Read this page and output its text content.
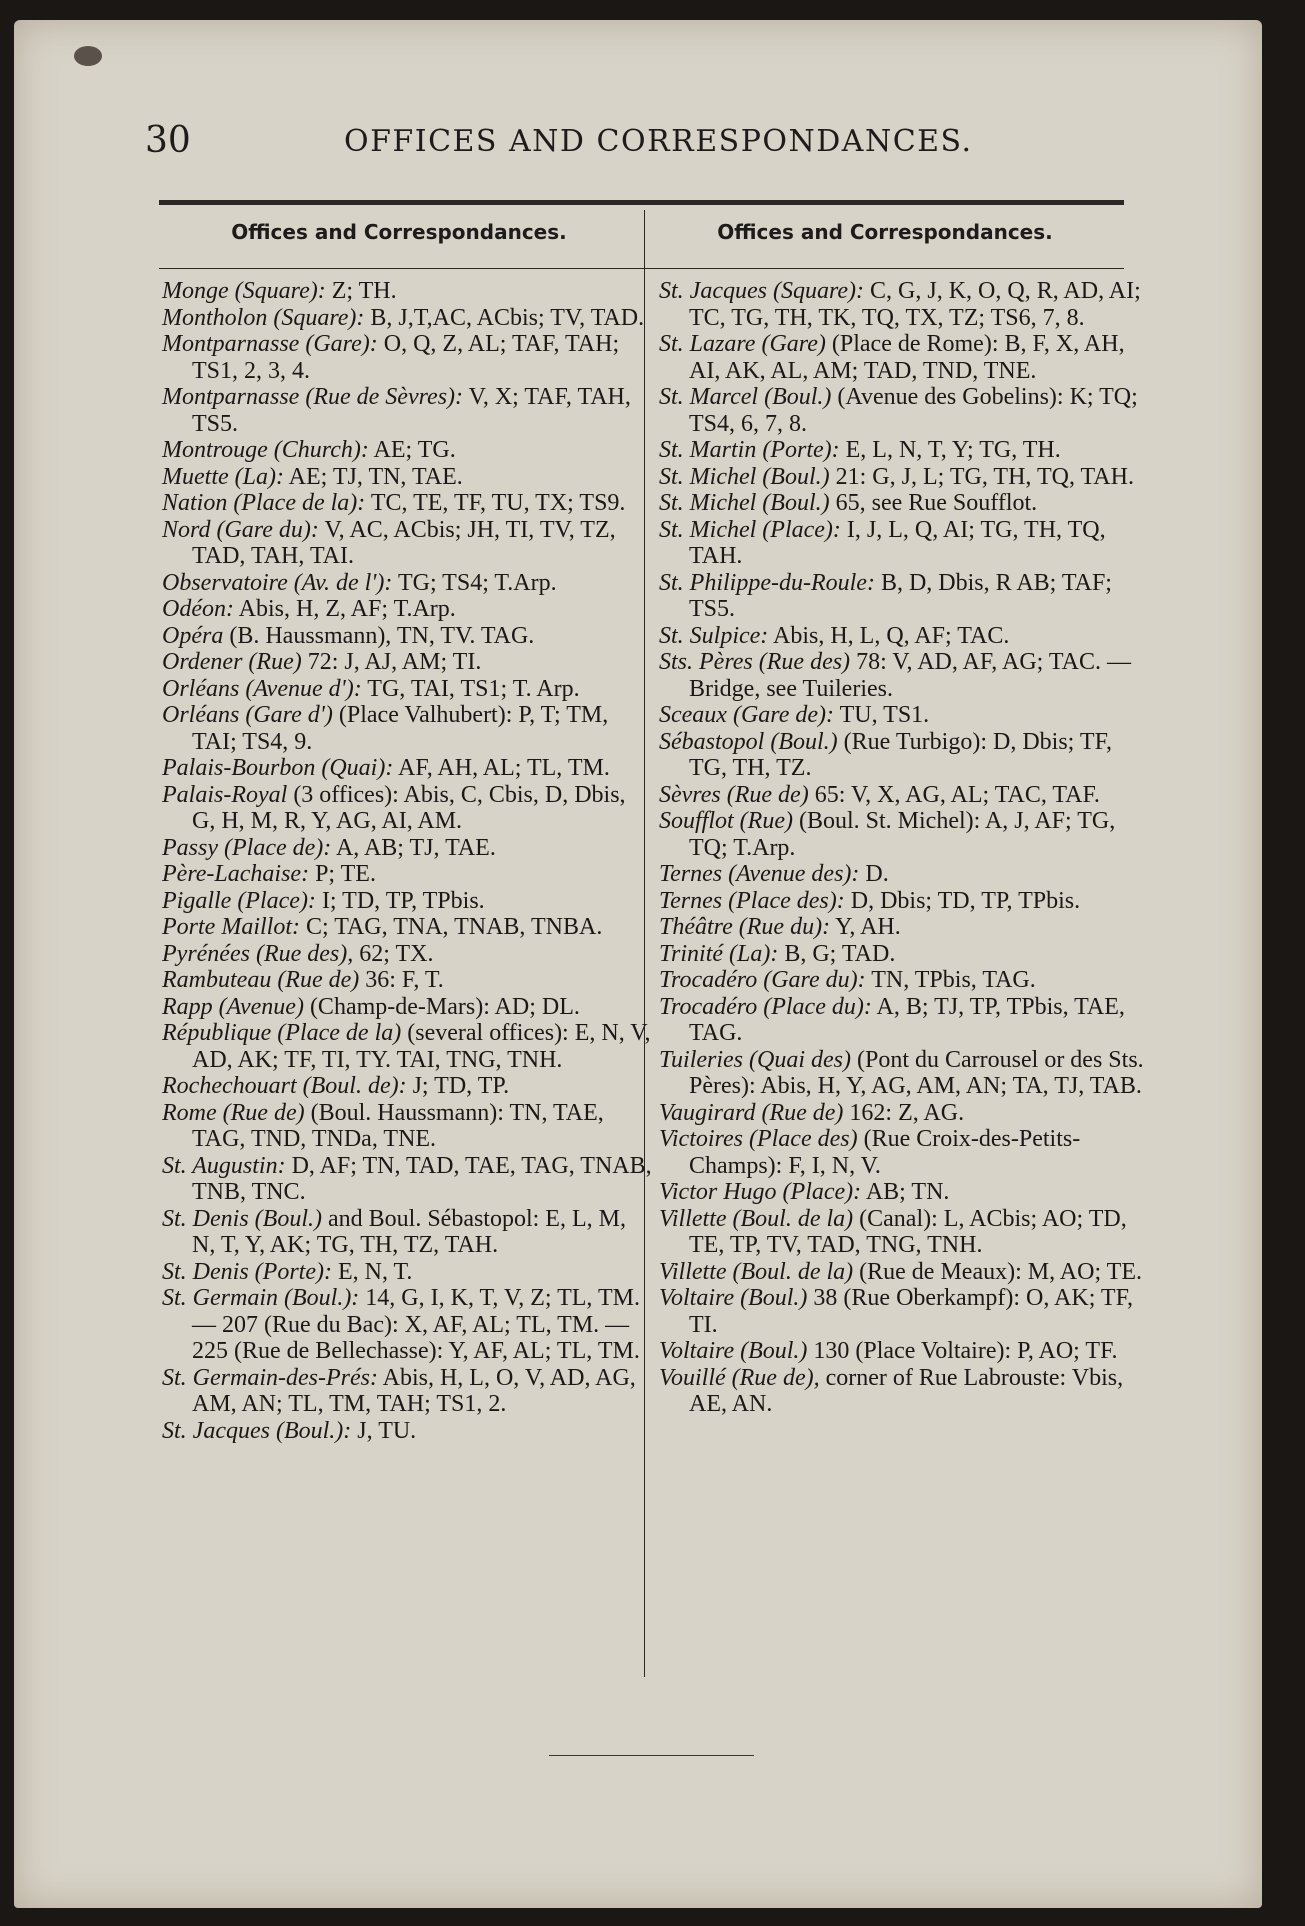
30	OFFICES AND CORRESPONDANCES.
Offices and Correspondances.	Offices and Correspondances.
Monge (Square): Z; TH.
Montholon (Square): B, J,T,AC, ACbis; TV, TAD.
Montparnasse (Gare): O, Q, Z, AL; TAF, TAH; TS1, 2, 3, 4.
Montparnasse (Rue de Sèvres): V, X; TAF, TAH, TS5.
Montrouge (Church): AE; TG.
Muette (La): AE; TJ, TN, TAE.
Nation (Place de la): TC, TE, TF, TU, TX; TS9.
Nord (Gare du): V, AC, ACbis; JH, TI, TV, TZ, TAD, TAH, TAI.
Observatoire (Av. de l'): TG; TS4; T.Arp.
Odéon: Abis, H, Z, AF; T.Arp.
Opéra (B. Haussmann), TN, TV. TAG.
Ordener (Rue) 72: J, AJ, AM; TI.
Orléans (Avenue d'): TG, TAI, TS1; T. Arp.
Orléans (Gare d') (Place Valhubert): P, T; TM, TAI; TS4, 9.
Palais-Bourbon (Quai): AF, AH, AL; TL, TM.
Palais-Royal (3 offices): Abis, C, Cbis, D, Dbis, G, H, M, R, Y, AG, AI, AM.
Passy (Place de): A, AB; TJ, TAE.
Père-Lachaise: P; TE.
Pigalle (Place): I; TD, TP, TPbis.
Porte Maillot: C; TAG, TNA, TNAB, TNBA.
Pyrénées (Rue des), 62; TX.
Rambuteau (Rue de) 36: F, T.
Rapp (Avenue) (Champ-de-Mars): AD; DL.
République (Place de la) (several offices): E, N, V, AD, AK; TF, TI, TY. TAI, TNG, TNH.
Rochechouart (Boul. de): J; TD, TP.
Rome (Rue de) (Boul. Haussmann): TN, TAE, TAG, TND, TNDa, TNE.
St. Augustin: D, AF; TN, TAD, TAE, TAG, TNAB, TNB, TNC.
St. Denis (Boul.) and Boul. Sébastopol: E, L, M, N, T, Y, AK; TG, TH, TZ, TAH.
St. Denis (Porte): E, N, T.
St. Germain (Boul.): 14, G, I, K, T, V, Z; TL, TM. — 207 (Rue du Bac): X, AF, AL; TL, TM. — 225 (Rue de Bellechasse): Y, AF, AL; TL, TM.
St. Germain-des-Prés: Abis, H, L, O, V, AD, AG, AM, AN; TL, TM, TAH; TS1, 2.
St. Jacques (Boul.): J, TU.
St. Jacques (Square): C, G, J, K, O, Q, R, AD, AI; TC, TG, TH, TK, TQ, TX, TZ; TS6, 7, 8.
St. Lazare (Gare) (Place de Rome): B, F, X, AH, AI, AK, AL, AM; TAD, TND, TNE.
St. Marcel (Boul.) (Avenue des Gobelins): K; TQ; TS4, 6, 7, 8.
St. Martin (Porte): E, L, N, T, Y; TG, TH.
St. Michel (Boul.) 21: G, J, L; TG, TH, TQ, TAH.
St. Michel (Boul.) 65, see Rue Soufflot.
St. Michel (Place): I, J, L, Q, AI; TG, TH, TQ, TAH.
St. Philippe-du-Roule: B, D, Dbis, R AB; TAF; TS5.
St. Sulpice: Abis, H, L, Q, AF; TAC.
Sts. Pères (Rue des) 78: V, AD, AF, AG; TAC. — Bridge, see Tuileries.
Sceaux (Gare de): TU, TS1.
Sébastopol (Boul.) (Rue Turbigo): D, Dbis; TF, TG, TH, TZ.
Sèvres (Rue de) 65: V, X, AG, AL; TAC, TAF.
Soufflot (Rue) (Boul. St. Michel): A, J, AF; TG, TQ; T.Arp.
Ternes (Avenue des): D.
Ternes (Place des): D, Dbis; TD, TP, TPbis.
Théâtre (Rue du): Y, AH.
Trinité (La): B, G; TAD.
Trocadéro (Gare du): TN, TPbis, TAG.
Trocadéro (Place du): A, B; TJ, TP, TPbis, TAE, TAG.
Tuileries (Quai des) (Pont du Carrousel or des Sts. Pères): Abis, H, Y, AG, AM, AN; TA, TJ, TAB.
Vaugirard (Rue de) 162: Z, AG.
Victoires (Place des) (Rue Croix-des-Petits-Champs): F, I, N, V.
Victor Hugo (Place): AB; TN.
Villette (Boul. de la) (Canal): L, ACbis; AO; TD, TE, TP, TV, TAD, TNG, TNH.
Villette (Boul. de la) (Rue de Meaux): M, AO; TE.
Voltaire (Boul.) 38 (Rue Oberkampf): O, AK; TF, TI.
Voltaire (Boul.) 130 (Place Voltaire): P, AO; TF.
Vouillé (Rue de), corner of Rue Labrouste: Vbis, AE, AN.
